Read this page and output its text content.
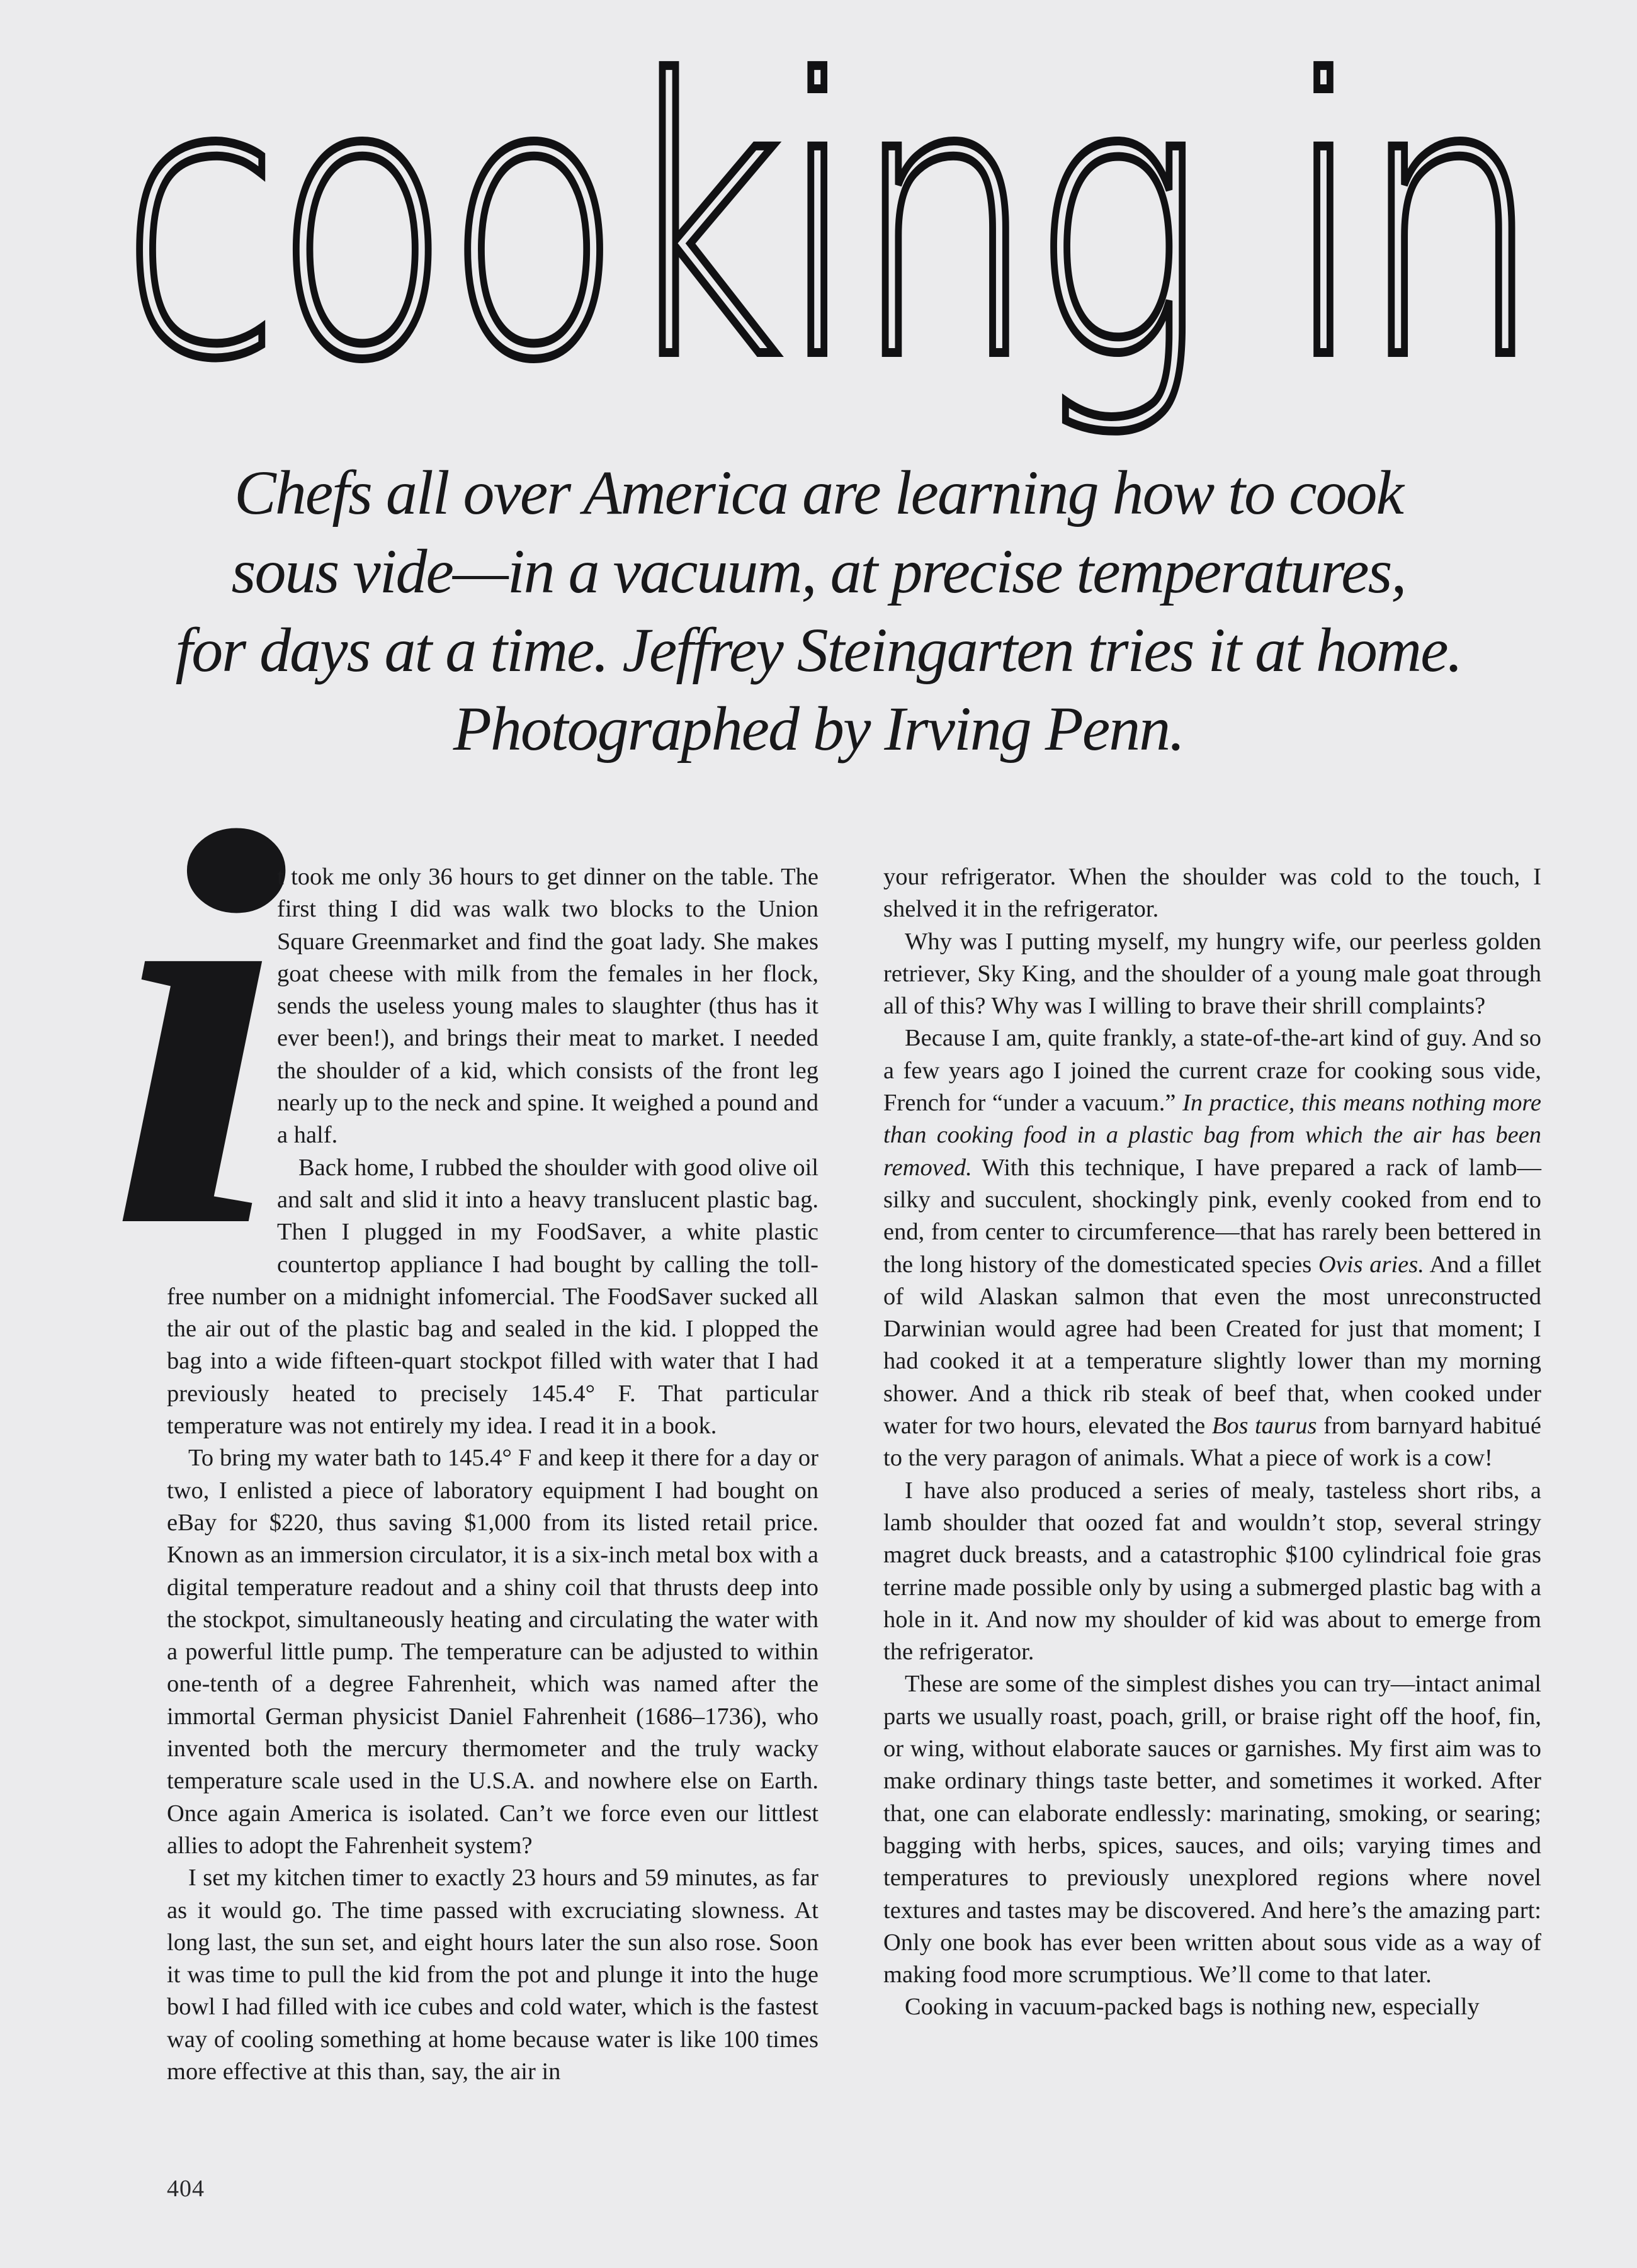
cooking in
Chefs all over America are learning how to cook
sous vide—in a vacuum, at precise temperatures,
for days at a time. Jeffrey Steingarten tries it at home.
Photographed by Irving Penn.
i

t took me only 36 hours to get dinner on the table. The first thing I did was walk two blocks to the Union Square Greenmarket and find the goat lady. She makes goat cheese with milk from the females in her flock, sends the useless young males to slaughter (thus has it ever been!), and brings their meat to market. I needed the shoulder of a kid, which consists of the front leg nearly up to the neck and spine. It weighed a pound and a half.

Back home, I rubbed the shoulder with good olive oil and salt and slid it into a heavy translucent plastic bag. Then I plugged in my FoodSaver, a white plastic countertop appliance I had bought by calling the toll-free number on a midnight infomercial. The FoodSaver sucked all the air out of the plastic bag and sealed in the kid. I plopped the bag into a wide fifteen-quart stockpot filled with water that I had previously heated to precisely 145.4° F. That particular temperature was not entirely my idea. I read it in a book.

To bring my water bath to 145.4° F and keep it there for a day or two, I enlisted a piece of laboratory equipment I had bought on eBay for $220, thus saving $1,000 from its listed retail price. Known as an immersion circulator, it is a six-inch metal box with a digital temperature readout and a shiny coil that thrusts deep into the stockpot, simultaneously heating and circulating the water with a powerful little pump. The temperature can be adjusted to within one-tenth of a degree Fahrenheit, which was named after the immortal German physicist Daniel Fahrenheit (1686–1736), who invented both the mercury thermometer and the truly wacky temperature scale used in the U.S.A. and nowhere else on Earth. Once again America is isolated. Can’t we force even our littlest allies to adopt the Fahrenheit system?

I set my kitchen timer to exactly 23 hours and 59 minutes, as far as it would go. The time passed with excruciating slowness. At long last, the sun set, and eight hours later the sun also rose. Soon it was time to pull the kid from the pot and plunge it into the huge bowl I had filled with ice cubes and cold water, which is the fastest way of cooling something at home because water is like 100 times more effective at this than, say, the air in

your refrigerator. When the shoulder was cold to the touch, I shelved it in the refrigerator.

Why was I putting myself, my hungry wife, our peerless golden retriever, Sky King, and the shoulder of a young male goat through all of this? Why was I willing to brave their shrill complaints?

Because I am, quite frankly, a state-of-the-art kind of guy. And so a few years ago I joined the current craze for cooking sous vide, French for “under a vacuum.” In practice, this means nothing more than cooking food in a plastic bag from which the air has been removed. With this technique, I have prepared a rack of lamb—silky and succulent, shockingly pink, evenly cooked from end to end, from center to circumference—that has rarely been bettered in the long history of the domesticated species Ovis aries. And a fillet of wild Alaskan salmon that even the most unreconstructed Darwinian would agree had been Created for just that moment; I had cooked it at a temperature slightly lower than my morning shower. And a thick rib steak of beef that, when cooked under water for two hours, elevated the Bos taurus from barnyard habitué to the very paragon of animals. What a piece of work is a cow!

I have also produced a series of mealy, tasteless short ribs, a lamb shoulder that oozed fat and wouldn’t stop, several stringy magret duck breasts, and a catastrophic $100 cylindrical foie gras terrine made possible only by using a submerged plastic bag with a hole in it. And now my shoulder of kid was about to emerge from the refrigerator.

These are some of the simplest dishes you can try—intact animal parts we usually roast, poach, grill, or braise right off the hoof, fin, or wing, without elaborate sauces or garnishes. My first aim was to make ordinary things taste better, and sometimes it worked. After that, one can elaborate endlessly: marinating, smoking, or searing; bagging with herbs, spices, sauces, and oils; varying times and temperatures to previously unexplored regions where novel textures and tastes may be discovered. And here’s the amazing part: Only one book has ever been written about sous vide as a way of making food more scrumptious. We’ll come to that later.

Cooking in vacuum-packed bags is nothing new, especially

404
